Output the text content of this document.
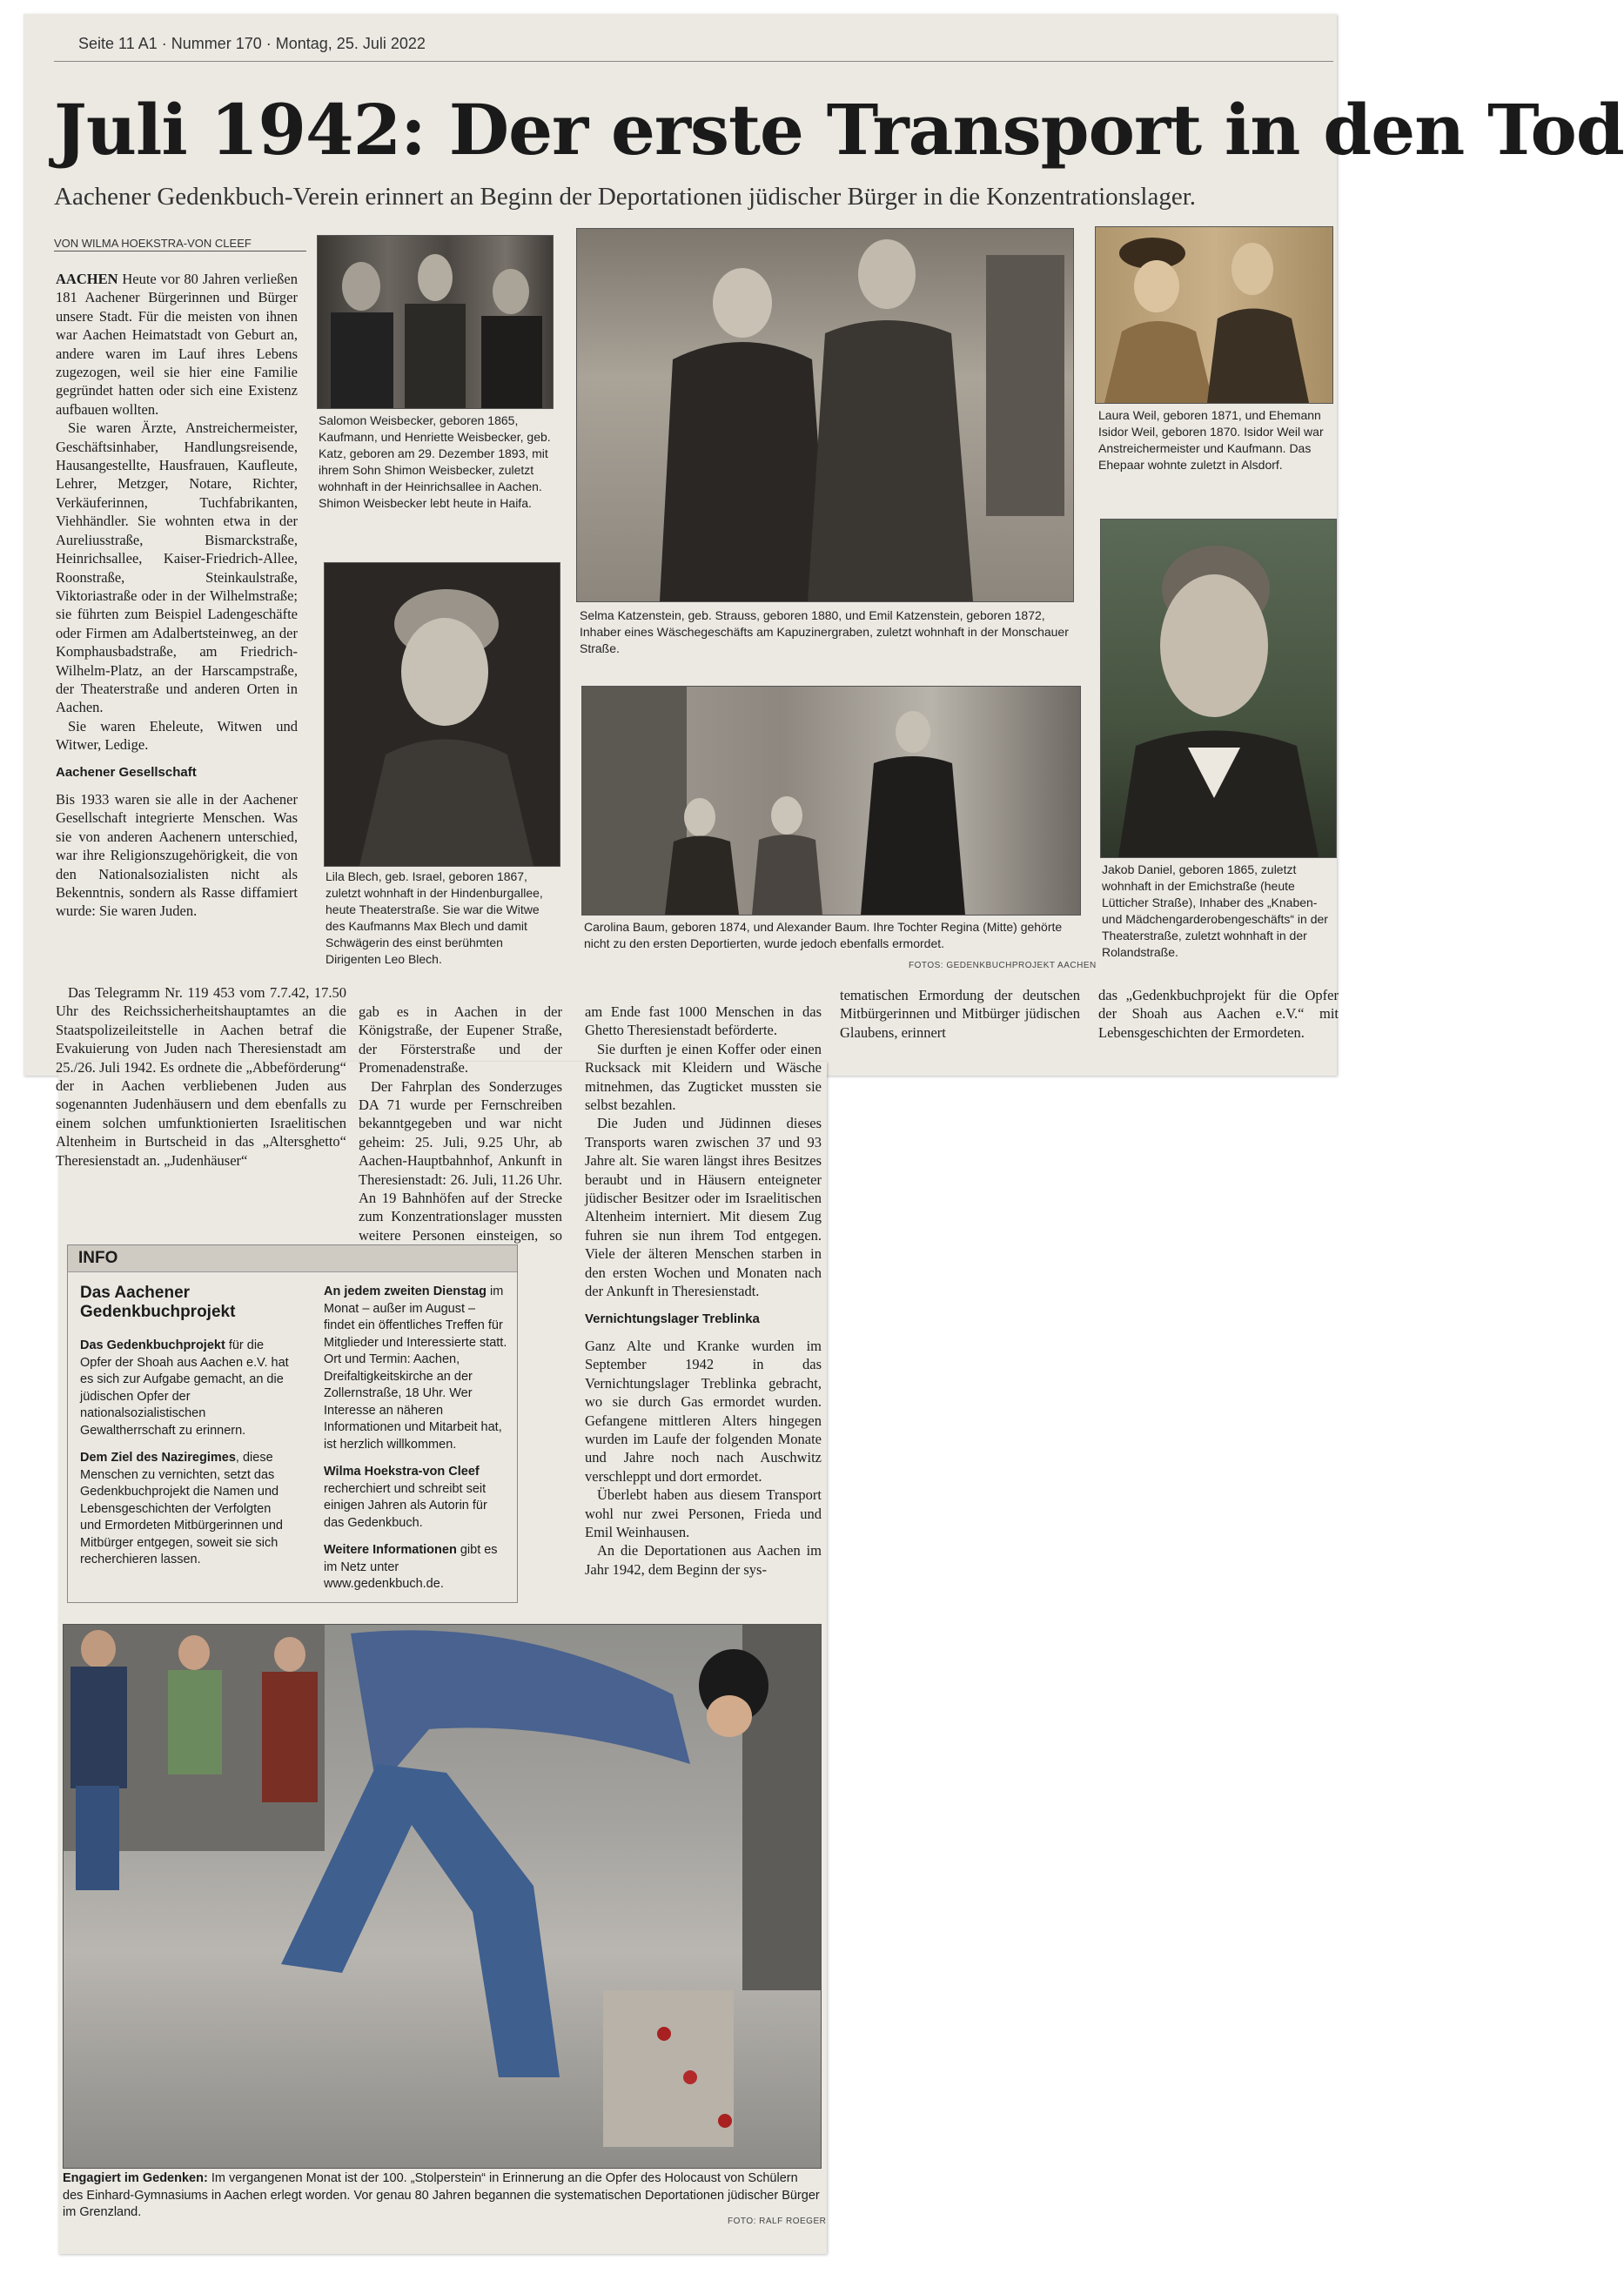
Seite 11 A1 · Nummer 170 · Montag, 25. Juli 2022
Juli 1942: Der erste Transport in den Tod
Aachener Gedenkbuch-Verein erinnert an Beginn der Deportationen jüdischer Bürger in die Konzentrationslager.
VON WILMA HOEKSTRA-VON CLEEF

AACHEN Heute vor 80 Jahren verließen 181 Aachener Bürgerinnen und Bürger unsere Stadt. Für die meisten von ihnen war Aachen Heimatstadt von Geburt an, andere waren im Lauf ihres Lebens zugezogen, weil sie hier eine Familie gegründet hatten oder sich eine Existenz aufbauen wollten.

Sie waren Ärzte, Anstreichermeister, Geschäftsinhaber, Handlungsreisende, Hausangestellte, Hausfrauen, Kaufleute, Lehrer, Metzger, Notare, Richter, Verkäuferinnen, Tuchfabrikanten, Viehhändler. Sie wohnten etwa in der Aureliusstraße, Bismarckstraße, Heinrichsallee, Kaiser-Friedrich-Allee, Roonstraße, Steinkaulstraße, Viktoriastraße oder in der Wilhelmstraße; sie führten zum Beispiel Ladengeschäfte oder Firmen am Adalbertsteinweg, an der Komphausbadstraße, am Friedrich-Wilhelm-Platz, an der Harscampstraße, der Theaterstraße und anderen Orten in Aachen.

Sie waren Eheleute, Witwen und Witwer, Ledige.

Aachener Gesellschaft

Bis 1933 waren sie alle in der Aachener Gesellschaft integrierte Menschen. Was sie von anderen Aachenern unterschied, war ihre Religionszugehörigkeit, die von den Nationalsozialisten nicht als Bekenntnis, sondern als Rasse diffamiert wurde: Sie waren Juden.

Das Telegramm Nr. 119 453 vom 7.7.42, 17.50 Uhr des Reichssicherheitshauptamtes an die Staatspolizeileitstelle in Aachen betraf die Evakuierung von Juden nach Theresienstadt am 25./26. Juli 1942. Es ordnete die „Abbeförderung“ der in Aachen verbliebenen Juden aus sogenannten Judenhäusern und dem ebenfalls zu einem solchen umfunktionierten Israelitischen Altenheim in Burtscheid in das „Altersghetto“ Theresienstadt an. „Judenhäuser“

gab es in Aachen in der Königstraße, der Eupener Straße, der Försterstraße und der Promenadenstraße.

Der Fahrplan des Sonderzuges DA 71 wurde per Fernschreiben bekanntgegeben und war nicht geheim: 25. Juli, 9.25 Uhr, ab Aachen-Hauptbahnhof, Ankunft in Theresienstadt: 26. Juli, 11.26 Uhr. An 19 Bahnhöfen auf der Strecke zum Konzentrationslager mussten weitere Personen einsteigen, so

am Ende fast 1000 Menschen in das Ghetto Theresienstadt beförderte.

Sie durften je einen Koffer oder einen Rucksack mit Kleidern und Wäsche mitnehmen, das Zugticket mussten sie selbst bezahlen.

Die Juden und Jüdinnen dieses Transports waren zwischen 37 und 93 Jahre alt. Sie waren längst ihres Besitzes beraubt und in Häusern enteigneter jüdischer Besitzer oder im Israelitischen Altenheim interniert. Mit diesem Zug fuhren sie nun ihrem Tod entgegen. Viele der älteren Menschen starben in den ersten Wochen und Monaten nach der Ankunft in Theresienstadt.

Vernichtungslager Treblinka

Ganz Alte und Kranke wurden im September 1942 in das Vernichtungslager Treblinka gebracht, wo sie durch Gas ermordet wurden. Gefangene mittleren Alters hingegen wurden im Laufe der folgenden Monate und Jahre noch nach Auschwitz verschleppt und dort ermordet.

Überlebt haben aus diesem Transport wohl nur zwei Personen, Frieda und Emil Weinhausen.

An die Deportationen aus Aachen im Jahr 1942, dem Beginn der sys-

tematischen Ermordung der deutschen Mitbürgerinnen und Mitbürger jüdischen Glaubens, erinnert

das „Gedenkbuchprojekt für die Opfer der Shoah aus Aachen e.V.“ mit Lebensgeschichten der Ermordeten.

Salomon Weisbecker, geboren 1865, Kaufmann, und Henriette Weisbecker, geb. Katz, geboren am 29. Dezember 1893, mit ihrem Sohn Shimon Weisbecker, zuletzt wohnhaft in der Heinrichsallee in Aachen. Shimon Weisbecker lebt heute in Haifa.
Selma Katzenstein, geb. Strauss, geboren 1880, und Emil Katzenstein, geboren 1872, Inhaber eines Wäschegeschäfts am Kapuzinergraben, zuletzt wohnhaft in der Monschauer Straße.
Laura Weil, geboren 1871, und Ehemann Isidor Weil, geboren 1870. Isidor Weil war Anstreichermeister und Kaufmann. Das Ehepaar wohnte zuletzt in Alsdorf.
Lila Blech, geb. Israel, geboren 1867, zuletzt wohnhaft in der Hindenburgallee, heute Theaterstraße. Sie war die Witwe des Kaufmanns Max Blech und damit Schwägerin des einst berühmten Dirigenten Leo Blech.
Carolina Baum, geboren 1874, und Alexander Baum. Ihre Tochter Regina (Mitte) gehörte nicht zu den ersten Deportierten, wurde jedoch ebenfalls ermordet.
FOTOS: GEDENKBUCHPROJEKT AACHEN
Jakob Daniel, geboren 1865, zuletzt wohnhaft in der Emichstraße (heute Lütticher Straße), Inhaber des „Knaben- und Mädchengarderobengeschäfts“ in der Theaterstraße, zuletzt wohnhaft in der Rolandstraße.
INFO
Das Aachener Gedenkbuchprojekt

Das Gedenkbuchprojekt für die Opfer der Shoah aus Aachen e.V. hat es sich zur Aufgabe gemacht, an die jüdischen Opfer der nationalsozialistischen Gewaltherrschaft zu erinnern.

Dem Ziel des Naziregimes, diese Menschen zu vernichten, setzt das Gedenkbuchprojekt die Namen und Lebensgeschichten der Verfolgten und Ermordeten Mitbürgerinnen und Mitbürger entgegen, soweit sie sich recherchieren lassen.

An jedem zweiten Dienstag im Monat – außer im August – findet ein öffentliches Treffen für Mitglieder und Interessierte statt. Ort und Termin: Aachen, Dreifaltigkeitskirche an der Zollernstraße, 18 Uhr. Wer Interesse an näheren Informationen und Mitarbeit hat, ist herzlich willkommen.

Wilma Hoekstra-von Cleef recherchiert und schreibt seit einigen Jahren als Autorin für das Gedenkbuch.

Weitere Informationen gibt es im Netz unter www.gedenkbuch.de.

Engagiert im Gedenken: Im vergangenen Monat ist der 100. „Stolperstein“ in Erinnerung an die Opfer des Holocaust von Schülern des Einhard-Gymnasiums in Aachen erlegt worden. Vor genau 80 Jahren begannen die systematischen Deportationen jüdischer Bürger im Grenzland.
FOTO: RALF ROEGER
